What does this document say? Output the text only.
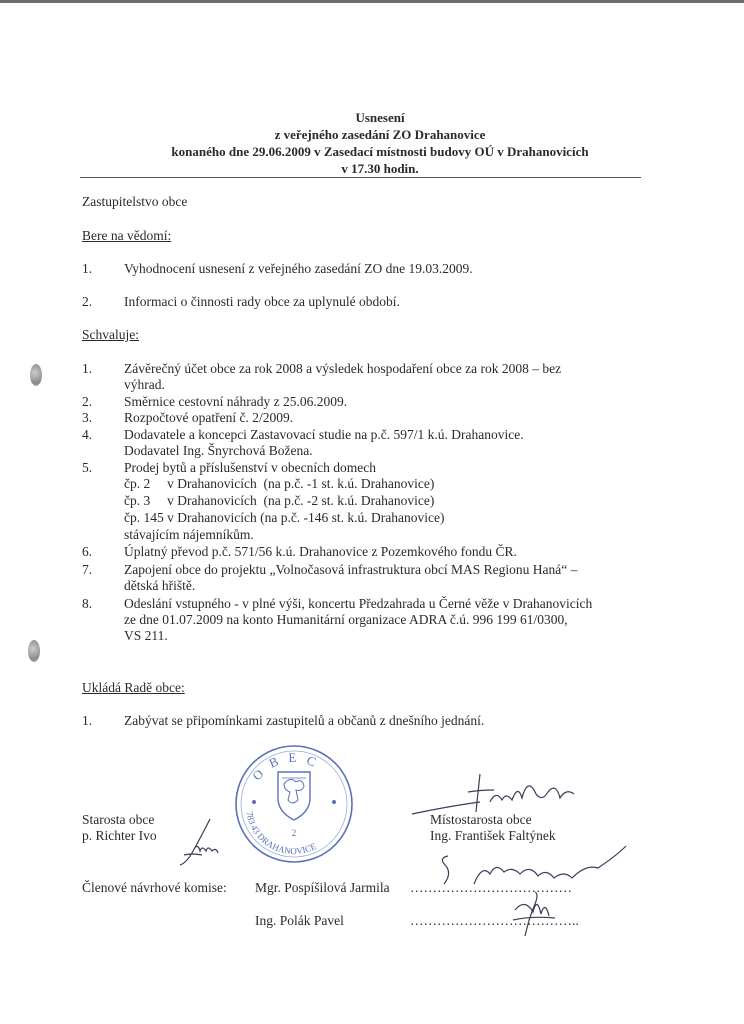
Usnesení
z veřejného zasedání ZO Drahanovice
konaného dne 29.06.2009 v Zasedací místnosti budovy OÚ v Drahanovicích
v 17.30 hodin.
Zastupitelstvo obce
Bere na vědomí:
1. Vyhodnocení usnesení z veřejného zasedání ZO dne 19.03.2009.
2. Informaci o činnosti rady obce za uplynulé období.
Schvaluje:
1. Závěrečný účet obce za rok 2008 a výsledek hospodaření obce za rok 2008 – bez
výhrad.
2. Směrnice cestovní náhrady z 25.06.2009.
3. Rozpočtové opatření č. 2/2009.
4. Dodavatele a koncepci Zastavovací studie na p.č. 597/1 k.ú. Drahanovice.
Dodavatel Ing. Šnyrchová Božena.
5. Prodej bytů a příslušenství v obecních domech
čp. 2     v Drahanovicích  (na p.č. -1 st. k.ú. Drahanovice)
čp. 3     v Drahanovicích  (na p.č. -2 st. k.ú. Drahanovice)
čp. 145 v Drahanovicích (na p.č. -146 st. k.ú. Drahanovice)
stávajícím nájemníkům.
6. Úplatný převod p.č. 571/56 k.ú. Drahanovice z Pozemkového fondu ČR.
7. Zapojení obce do projektu „Volnočasová infrastruktura obcí MAS Regionu Haná“ –
dětská hřiště.
8. Odeslání vstupného - v plné výši, koncertu Předzahrada u Černé věže v Drahanovicích
ze dne 01.07.2009 na konto Humanitární organizace ADRA č.ú. 996 199 61/0300,
VS 211.
Ukládá Radě obce:
1. Zabývat se připomínkami zastupitelů a občanů z dnešního jednání.
O B E C
783 43 DRAHANOVICE
2
Starosta obce
p. Richter Ivo
Místostarosta obce
Ing. František Faltýnek
Členové návrhové komise: Mgr. Pospíšilová Jarmila ………………………………
Ing. Polák Pavel	………………………………..
